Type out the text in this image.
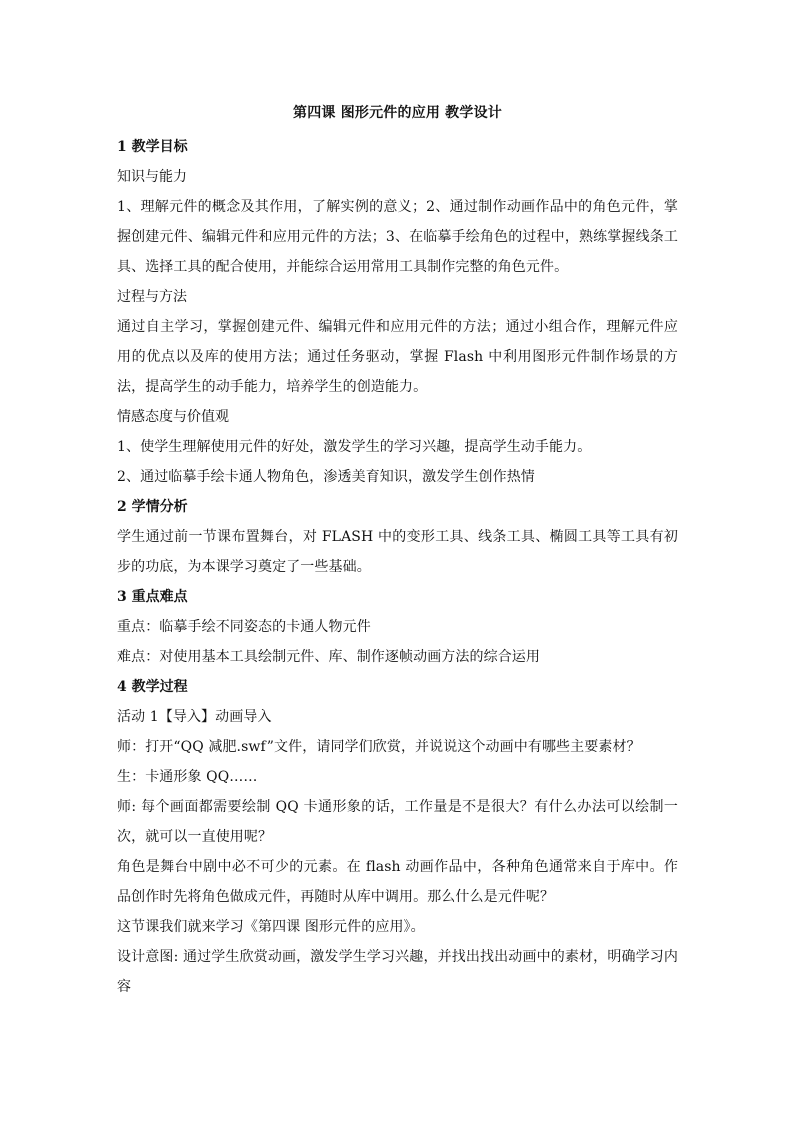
第四课 图形元件的应用 教学设计
1 教学目标
知识与能力
1、理解元件的概念及其作用，了解实例的意义；2、通过制作动画作品中的角色元件，掌握创建元件、编辑元件和应用元件的方法；3、在临摹手绘角色的过程中，熟练掌握线条工具、选择工具的配合使用，并能综合运用常用工具制作完整的角色元件。
过程与方法
通过自主学习，掌握创建元件、编辑元件和应用元件的方法；通过小组合作，理解元件应用的优点以及库的使用方法；通过任务驱动，掌握 Flash 中利用图形元件制作场景的方法，提高学生的动手能力，培养学生的创造能力。
情感态度与价值观
1、使学生理解使用元件的好处，激发学生的学习兴趣，提高学生动手能力。
2、通过临摹手绘卡通人物角色，渗透美育知识，激发学生创作热情
2 学情分析
学生通过前一节课布置舞台，对 FLASH 中的变形工具、线条工具、椭圆工具等工具有初步的功底，为本课学习奠定了一些基础。
3 重点难点
重点：临摹手绘不同姿态的卡通人物元件
难点：对使用基本工具绘制元件、库、制作逐帧动画方法的综合运用
4 教学过程
活动 1【导入】动画导入
师：打开“QQ 减肥.swf”文件，请同学们欣赏，并说说这个动画中有哪些主要素材？
生：卡通形象 QQ……
师: 每个画面都需要绘制 QQ 卡通形象的话，工作量是不是很大？有什么办法可以绘制一次，就可以一直使用呢？
角色是舞台中剧中必不可少的元素。在 flash 动画作品中，各种角色通常来自于库中。作品创作时先将角色做成元件，再随时从库中调用。那么什么是元件呢？
这节课我们就来学习《第四课 图形元件的应用》。
设计意图: 通过学生欣赏动画，激发学生学习兴趣，并找出找出动画中的素材，明确学习内容
